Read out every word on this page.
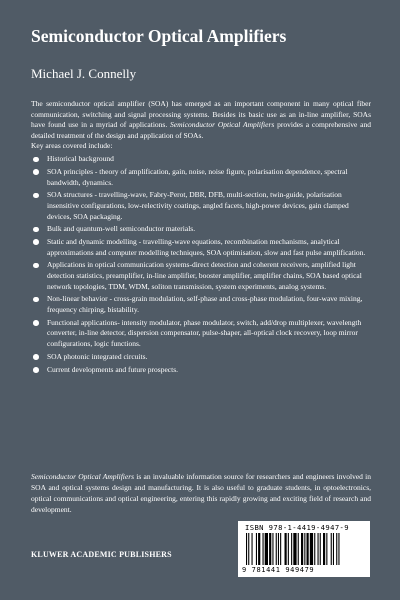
Semiconductor Optical Amplifiers
Michael J. Connelly

The semiconductor optical amplifier (SOA) has emerged as an important component in many optical fiber communication, switching and signal processing systems. Besides its basic use as an in-line amplifier, SOAs have found use in a myriad of applications. Semiconductor Optical Amplifiers provides a comprehensive and detailed treatment of the design and application of SOAs.

Key areas covered include:

Historical background
SOA principles - theory of amplification, gain, noise, noise figure, polarisation dependence, spectral bandwidth, dynamics.
SOA structures - travelling-wave, Fabry-Perot, DBR, DFB, multi-section, twin-guide, polarisation insensitive configurations, low-relectivity coatings, angled facets, high-power devices, gain clamped devices, SOA packaging.
Bulk and quantum-well semiconductor materials.
Static and dynamic modelling - travelling-wave equations, recombination mechanisms, analytical approximations and computer modelling techniques, SOA optimisation, slow and fast pulse amplification.
Applications in optical communication systems-direct detection and coherent receivers, amplified light detection statistics, preamplifier, in-line amplifier, booster amplifier, amplifier chains, SOA based optical network topologies, TDM, WDM, soliton transmission, system experiments, analog systems.
Non-linear behavior - cross-grain modulation, self-phase and cross-phase modulation, four-wave mixing, frequency chirping, bistability.
Functional applications- intensity modulator, phase modulator, switch, add/drop multiplexer, wavelength converter, in-line detector, dispersion compensator, pulse-shaper, all-optical clock recovery, loop mirror configurations, logic functions.
SOA photonic integrated circuits.
Current developments and future prospects.

Semiconductor Optical Amplifiers is an invaluable information source for researchers and engineers involved in SOA and optical systems design and manufacturing. It is also useful to graduate students, in optoelectronics, optical communications and optical engineering, entering this rapidly growing and exciting field of research and development.

ISBN 978-1-4419-4947-9
9 781441 949479
KLUWER ACADEMIC PUBLISHERS
